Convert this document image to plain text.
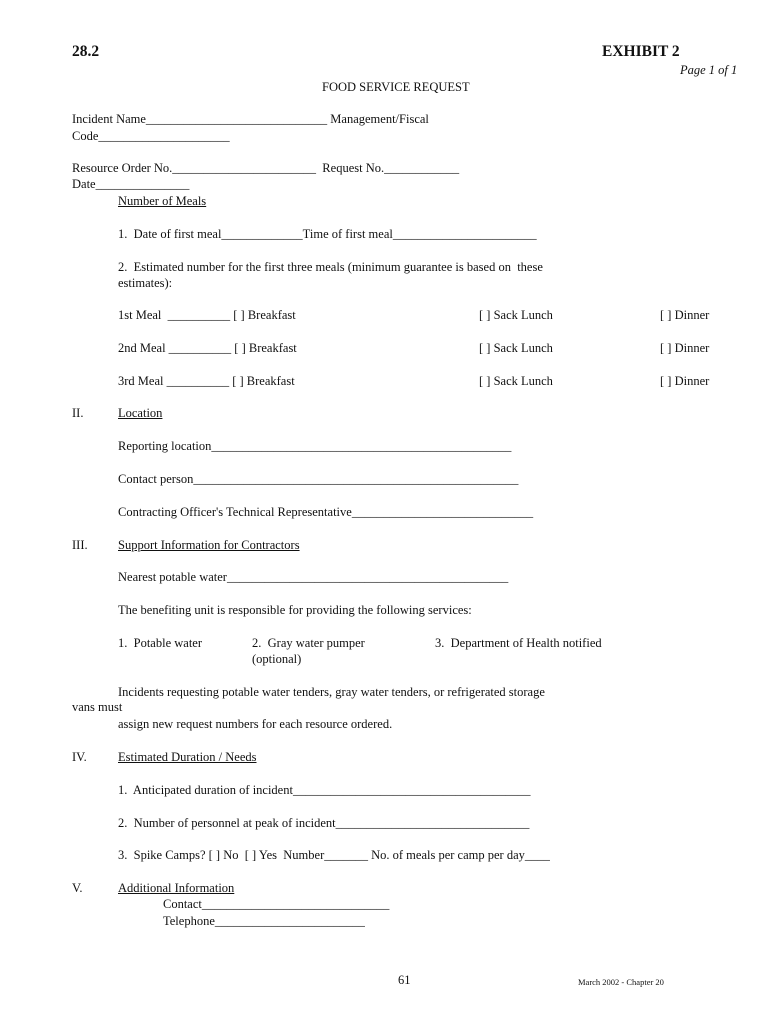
28.2	EXHIBIT 2
Page 1 of 1
FOOD SERVICE REQUEST
Incident Name_____________________________ Management/Fiscal
Code_____________________
Resource Order No._______________________  Request No.____________
Date_______________
Number of Meals
1.  Date of first meal_____________Time of first meal_______________________
2.  Estimated number for the first three meals (minimum guarantee is based on  these
estimates):
1st Meal  __________ [ ] Breakfast	[ ] Sack Lunch	[ ] Dinner
2nd Meal __________ [ ] Breakfast	[ ] Sack Lunch	[ ] Dinner
3rd Meal __________ [ ] Breakfast	[ ] Sack Lunch	[ ] Dinner
II.	Location
Reporting location________________________________________________
Contact person____________________________________________________
Contracting Officer's Technical Representative_____________________________
III. Support Information for Contractors
Nearest potable water_____________________________________________
The benefiting unit is responsible for providing the following services:
1.  Potable water	2.  Gray water pumper
(optional)
3.  Department of Health notified
Incidents requesting potable water tenders, gray water tenders, or refrigerated storage
vans must
assign new request numbers for each resource ordered.
IV.	Estimated Duration / Needs
1.  Anticipated duration of incident______________________________________
2.  Number of personnel at peak of incident_______________________________
3.  Spike Camps? [ ] No  [ ] Yes  Number_______ No. of meals per camp per day____
V.	Additional Information
Contact______________________________
Telephone________________________
61	March 2002 - Chapter 20
